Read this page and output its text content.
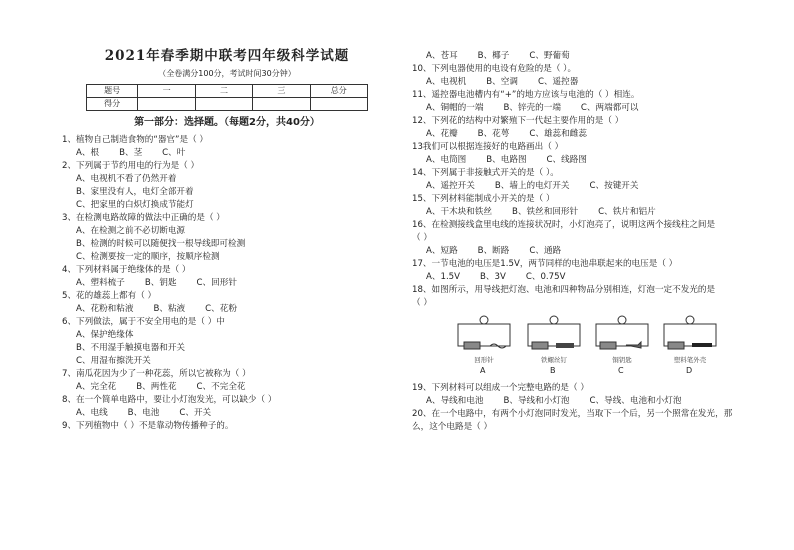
2021年春季期中联考四年级科学试题
（全卷满分100分，考试时间30分钟）
题号	一	二	三	总分
得分				
第一部分：选择题。（每题2分，共40分）
1、植物自己制造食物的“器官”是（ ）
A、根 B、茎 C、叶
2、下列属于节约用电的行为是（ ）
A、电视机不看了仍然开着
B、家里没有人，电灯全部开着
C、把家里的白炽灯换成节能灯
3、在检测电路故障的做法中正确的是（ ）
A、在检测之前不必切断电源
B、检测的时候可以随便找一根导线即可检测
C、检测要按一定的顺序，按顺序检测
4、下列材料属于绝缘体的是（ ）
A、塑料梳子 B、钥匙 C、回形针
5、花的雄蕊上都有（ ）
A、花粉和粘液 B、粘液 C、花粉
6、下列做法，属于不安全用电的是（ ）中
A、保护绝缘体
B、不用湿手触摸电器和开关
C、用湿布擦洗开关
7、南瓜花因为少了一种花蕊，所以它被称为（ ）
A、完全花 B、两性花 C、不完全花
8、在一个简单电路中，要让小灯泡发光，可以缺少（ ）
A、电线 B、电池 C、开关
9、下列植物中（ ）不是靠动物传播种子的。
A、苍耳 B、椰子 C、野葡萄
10、下列电器使用的电设有危险的是（ ）。
A、电视机 B、空调 C、遥控器
11、遥控器电池槽内有“+”的地方应该与电池的（ ）相连。
A、铜帽的一端 B、锌壳的一端 C、两端都可以
12、下列花的结构中对繁殖下一代起主要作用的是（ ）
A、花瓣 B、花萼 C、雄蕊和雌蕊
13我们可以根据连接好的电路画出（ ）
A、电筒图 B、电路图 C、线路图
14、下列属于非接触式开关的是（ ）。
A、遥控开关 B、墙上的电灯开关 C、按键开关
15、下列材料能制成小开关的是（ ）
A、干木块和铁丝 B、铁丝和回形针 C、铁片和铝片
16、在检测接线盒里电线的连接状况时，小灯泡亮了，说明这两个接线柱之间是
（ ）
A、短路 B、断路 C、通路
17、一节电池的电压是1.5V，两节同样的电池串联起来的电压是（ ）
A、1.5V B、3V C、0.75V
18、如图所示，用导线把灯泡、电池和四种物品分别相连，灯泡一定不发光的是
（ ）
回形针
A
铁螺丝钉
B
铜钥匙
C
塑料笔外壳
D
19、下列材料可以组成一个完整电路的是（ ）
A、导线和电池 B、导线和小灯泡 C、导线、电池和小灯泡
20、在一个电路中，有两个小灯泡同时发光，当取下一个后，另一个照常在发光，那
么，这个电路是（ ）
